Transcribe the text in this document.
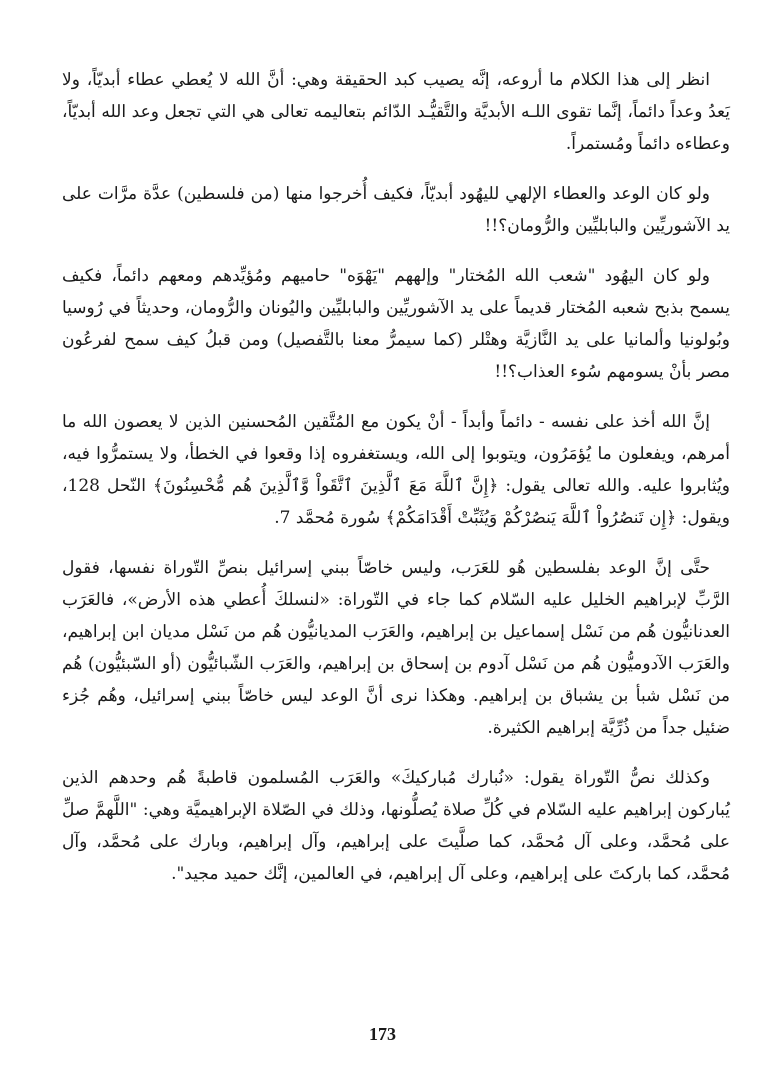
انظر إلى هذا الكلام ما أروعه، إنَّه يصيب كبد الحقيقة وهي: أنَّ الله لا يُعطي عطاء أبديّاً، ولا يَعدُ وعداً دائماً، إنَّما تقوى اللـه الأبديَّة والتَّقيُّـد الدّائم بتعاليمه تعالى هي التي تجعل وعد الله أبديّاً، وعطاءه دائماً ومُستمراً.

ولو كان الوعد والعطاء الإلهي لليهُود أبديّاً، فكيف أُخرجوا منها (من فلسطين) عدَّة مرَّات على يد الآشوريِّين والبابليِّين والرُّومان؟!!

ولو كان اليهُود "شعب الله المُختار" وإلههم "يَهْوَه" حاميهم ومُؤيِّدهم ومعهم دائماً، فكيف يسمح بذبح شعبه المُختار قديماً على يد الآشوريِّين والبابليِّين واليُونان والرُّومان، وحديثاً في رُوسيا وبُولونيا وألمانيا على يد النَّازيَّة وهتْلر (كما سيمرُّ معنا بالتَّفصيل) ومن قبلُ كيف سمح لفرعُون مصر بأنْ يسومهم سُوء العذاب؟!!

إنَّ الله أخذ على نفسه - دائماً وأبداً - أنْ يكون مع المُتَّقين المُحسنين الذين لا يعصون الله ما أمرهم، ويفعلون ما يُؤمَرُون، ويتوبوا إلى الله، ويستغفروه إذا وقعوا في الخطأ، ولا يستمرُّوا فيه، ويُثابروا عليه. والله تعالى يقول: ﴿إِنَّ ٱللَّهَ مَعَ ٱلَّذِينَ ٱتَّقَواْ وَّٱلَّذِينَ هُم مُّحْسِنُونَ﴾ النّحل 128، ويقول: ﴿إِن تَنصُرُواْ ٱللَّهَ يَنصُرْكُمْ وَيُثَبِّتْ أَقْدَامَكُمْ﴾ سُورة مُحمَّد 7.

حتَّى إنَّ الوعد بفلسطين هُو للعَرَب، وليس خاصّاً ببني إسرائيل بنصِّ التّوراة نفسها، فقول الرَّبِّ لإبراهيم الخليل عليه السّلام كما جاء في التّوراة: «لنسلكَ أُعطي هذه الأرض»، فالعَرَب العدنانيُّون هُم من نَسْل إسماعيل بن إبراهيم، والعَرَب المديانيُّون هُم من نَسْل مديان ابن إبراهيم، والعَرَب الآدوميُّون هُم من نَسْل آدوم بن إسحاق بن إبراهيم، والعَرَب الشّبائيُّون (أو السّبئيُّون) هُم من نَسْل شبأ بن يشباق بن إبراهيم. وهكذا نرى أنَّ الوعد ليس خاصّاً ببني إسرائيل، وهُم جُزء ضئيل جداً من ذُرِّيَّة إبراهيم الكثيرة.

وكذلك نصُّ التّوراة يقول: «نُبارك مُباركيكَ» والعَرَب المُسلمون قاطبةً هُم وحدهم الذين يُباركون إبراهيم عليه السّلام في كُلِّ صلاة يُصلُّونها، وذلك في الصّلاة الإبراهيميَّة وهي: "اللَّهمَّ صلِّ على مُحمَّد، وعلى آل مُحمَّد، كما صلَّيتَ على إبراهيم، وآل إبراهيم، وبارك على مُحمَّد، وآل مُحمَّد، كما باركتَ على إبراهيم، وعلى آل إبراهيم، في العالمين، إنَّك حميد مجيد".

173
